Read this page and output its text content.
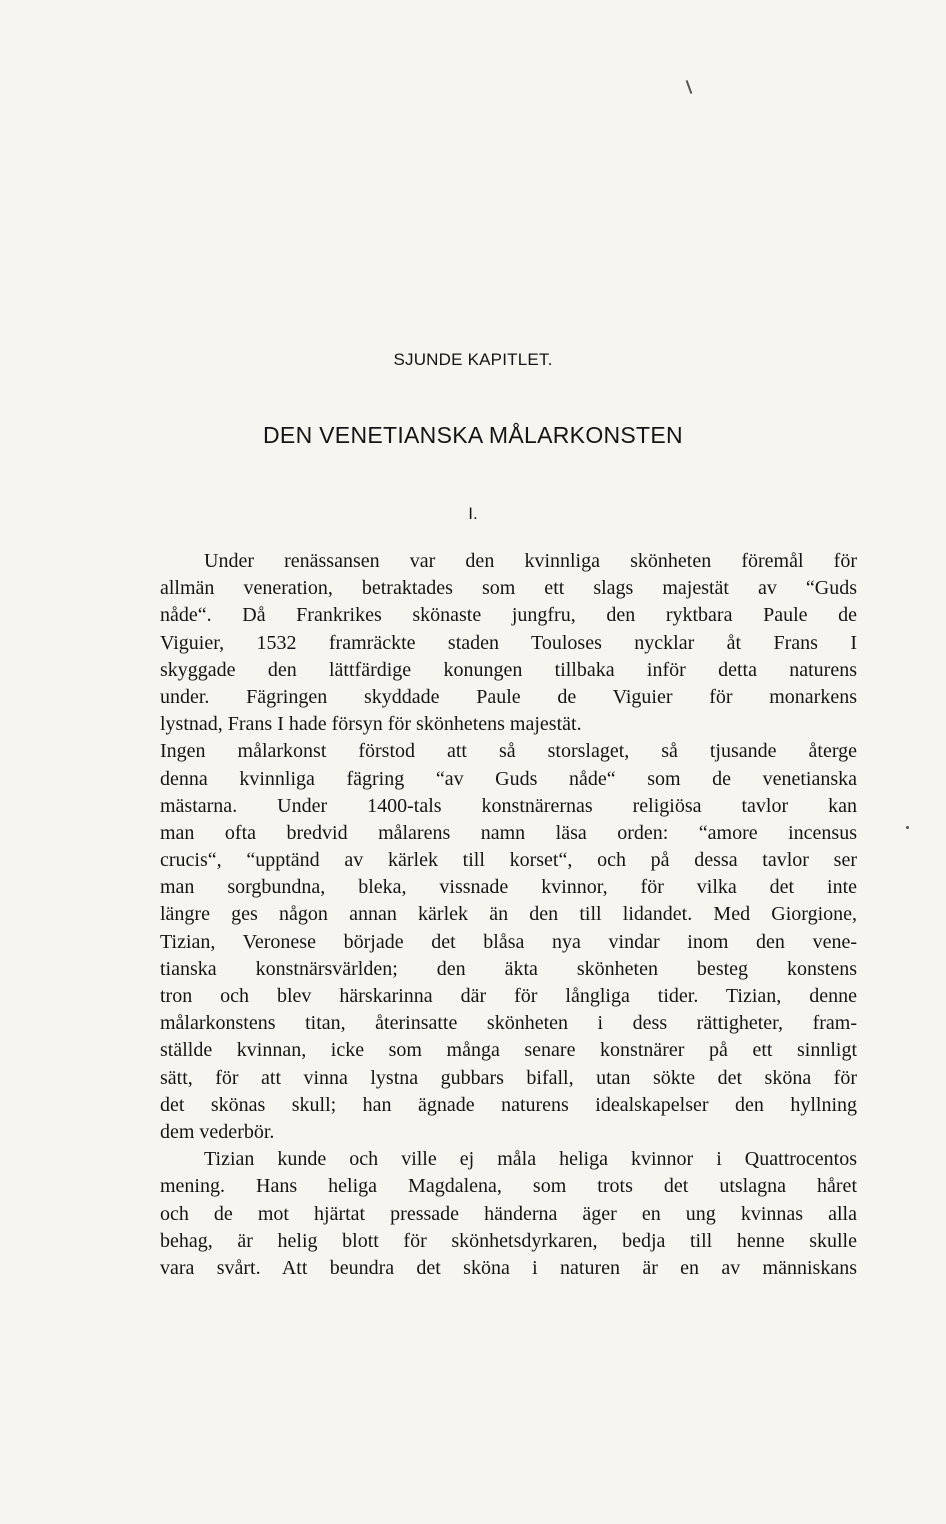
SJUNDE KAPITLET.
DEN VENETIANSKA MÅLARKONSTEN
I.
Under renässansen var den kvinnliga skönheten föremål för
allmän veneration, betraktades som ett slags majestät av “Guds
nåde“. Då Frankrikes skönaste jungfru, den ryktbara Paule de
Viguier, 1532 framräckte staden Touloses nycklar åt Frans I
skyggade den lättfärdige konungen tillbaka inför detta naturens
under. Fägringen skyddade Paule de Viguier för monarkens
lystnad, Frans I hade försyn för skönhetens majestät.
Ingen målarkonst förstod att så storslaget, så tjusande återge
denna kvinnliga fägring “av Guds nåde“ som de venetianska
mästarna. Under 1400-tals konstnärernas religiösa tavlor kan
man ofta bredvid målarens namn läsa orden: “amore incensus
crucis“, “upptänd av kärlek till korset“, och på dessa tavlor ser
man sorgbundna, bleka, vissnade kvinnor, för vilka det inte
längre ges någon annan kärlek än den till lidandet. Med Giorgione,
Tizian, Veronese började det blåsa nya vindar inom den vene-
tianska konstnärsvärlden; den äkta skönheten besteg konstens
tron och blev härskarinna där för långliga tider. Tizian, denne
målarkonstens titan, återinsatte skönheten i dess rättigheter, fram-
ställde kvinnan, icke som många senare konstnärer på ett sinnligt
sätt, för att vinna lystna gubbars bifall, utan sökte det sköna för
det skönas skull; han ägnade naturens idealskapelser den hyllning
dem vederbör.
Tizian kunde och ville ej måla heliga kvinnor i Quattrocentos
mening. Hans heliga Magdalena, som trots det utslagna håret
och de mot hjärtat pressade händerna äger en ung kvinnas alla
behag, är helig blott för skönhetsdyrkaren, bedja till henne skulle
vara svårt. Att beundra det sköna i naturen är en av människans
